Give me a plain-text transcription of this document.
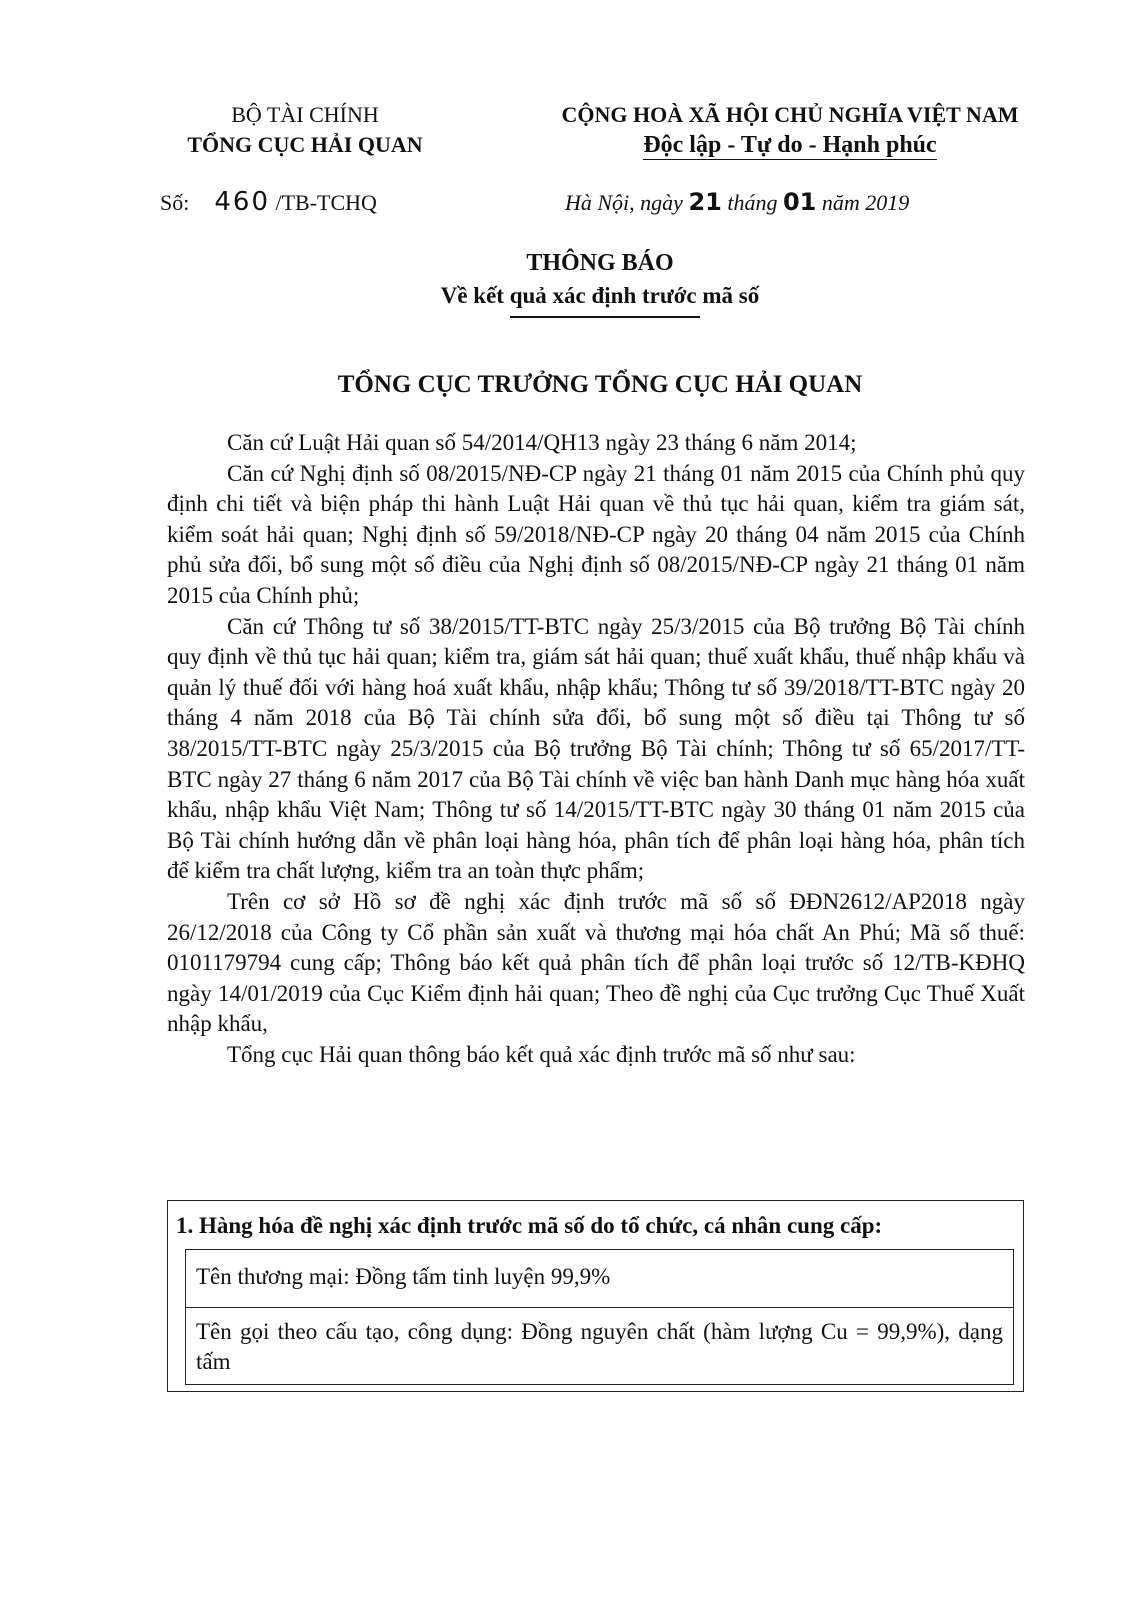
BỘ TÀI CHÍNH
TỔNG CỤC HẢI QUAN
CỘNG HOÀ XÃ HỘI CHỦ NGHĨA VIỆT NAM
Độc lập - Tự do - Hạnh phúc
Số: 460 /TB-TCHQ	Hà Nội, ngày 21 tháng 01 năm 2019
THÔNG BÁO
Về kết quả xác định trước mã số
TỔNG CỤC TRƯỞNG TỔNG CỤC HẢI QUAN

Căn cứ Luật Hải quan số 54/2014/QH13 ngày 23 tháng 6 năm 2014;

Căn cứ Nghị định số 08/2015/NĐ-CP ngày 21 tháng 01 năm 2015 của Chính phủ quy định chi tiết và biện pháp thi hành Luật Hải quan về thủ tục hải quan, kiểm tra giám sát, kiểm soát hải quan; Nghị định số 59/2018/NĐ-CP ngày 20 tháng 04 năm 2015 của Chính phủ sửa đổi, bổ sung một số điều của Nghị định số 08/2015/NĐ-CP ngày 21 tháng 01 năm 2015 của Chính phủ;

Căn cứ Thông tư số 38/2015/TT-BTC ngày 25/3/2015 của Bộ trưởng Bộ Tài chính quy định về thủ tục hải quan; kiểm tra, giám sát hải quan; thuế xuất khẩu, thuế nhập khẩu và quản lý thuế đối với hàng hoá xuất khẩu, nhập khẩu; Thông tư số 39/2018/TT-BTC ngày 20 tháng 4 năm 2018 của Bộ Tài chính sửa đổi, bổ sung một số điều tại Thông tư số 38/2015/TT-BTC ngày 25/3/2015 của Bộ trưởng Bộ Tài chính; Thông tư số 65/2017/TT-BTC ngày 27 tháng 6 năm 2017 của Bộ Tài chính về việc ban hành Danh mục hàng hóa xuất khẩu, nhập khẩu Việt Nam; Thông tư số 14/2015/TT-BTC ngày 30 tháng 01 năm 2015 của Bộ Tài chính hướng dẫn về phân loại hàng hóa, phân tích để phân loại hàng hóa, phân tích để kiểm tra chất lượng, kiểm tra an toàn thực phẩm;

Trên cơ sở Hồ sơ đề nghị xác định trước mã số số ĐĐN2612/AP2018 ngày 26/12/2018 của Công ty Cổ phần sản xuất và thương mại hóa chất An Phú; Mã số thuế: 0101179794 cung cấp; Thông báo kết quả phân tích để phân loại trước số 12/TB-KĐHQ ngày 14/01/2019 của Cục Kiểm định hải quan; Theo đề nghị của Cục trưởng Cục Thuế Xuất nhập khẩu,

Tổng cục Hải quan thông báo kết quả xác định trước mã số như sau:

1. Hàng hóa đề nghị xác định trước mã số do tổ chức, cá nhân cung cấp:
Tên thương mại: Đồng tấm tinh luyện 99,9%
Tên gọi theo cấu tạo, công dụng: Đồng nguyên chất (hàm lượng Cu = 99,9%), dạng tấm
